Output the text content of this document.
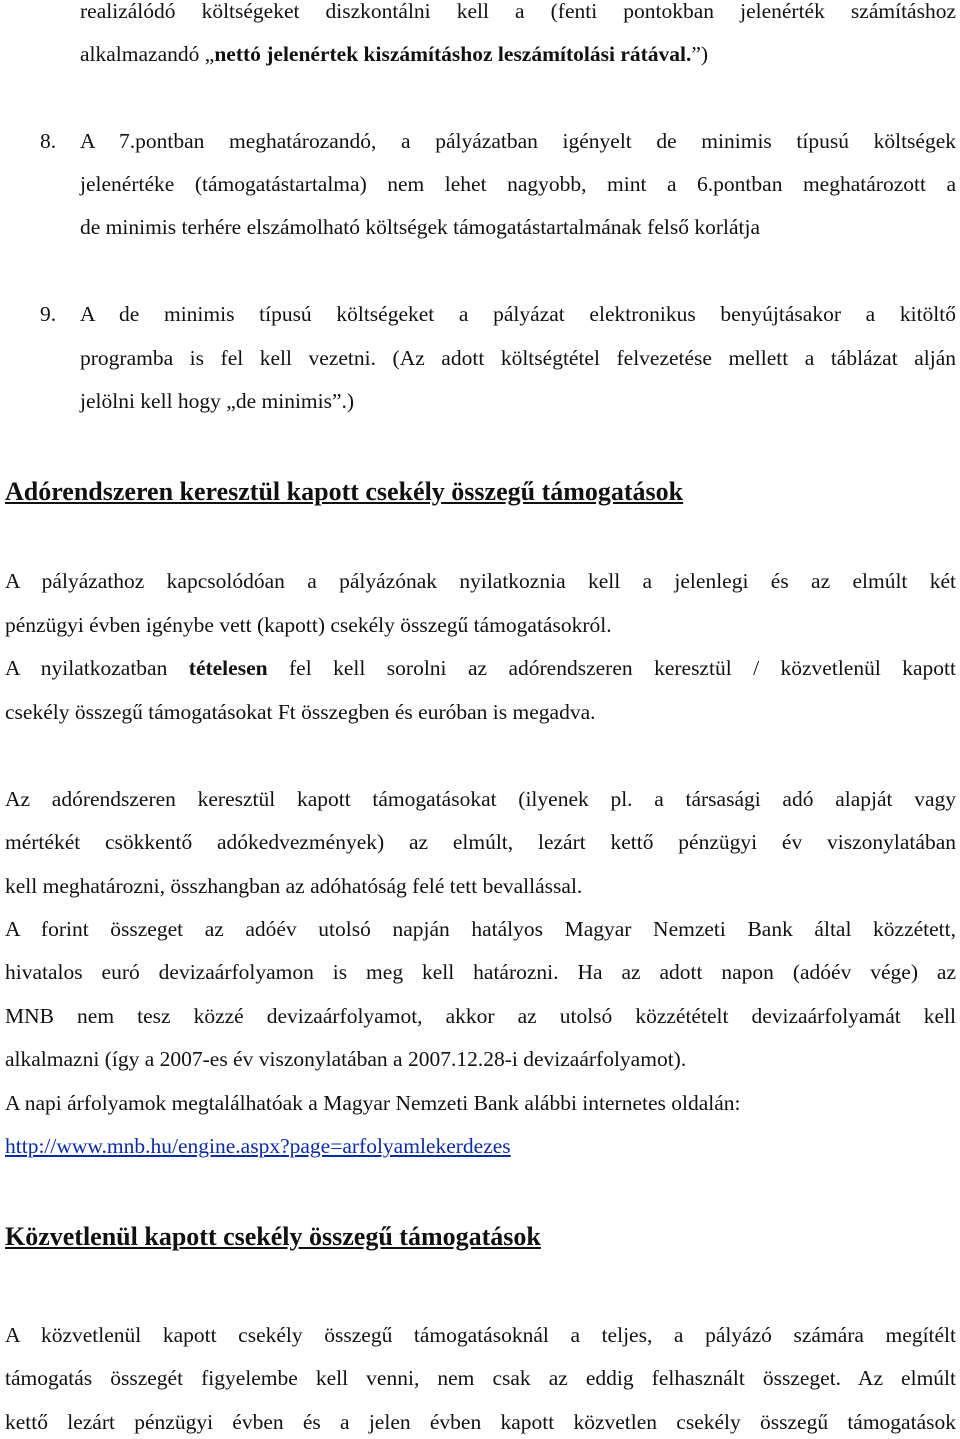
realizálódó költségeket diszkontálni kell a (fenti pontokban jelenérték számításhoz
alkalmazandó „nettó jelenértek kiszámításhoz leszámítolási rátával.”)
8. A 7.pontban meghatározandó, a pályázatban igényelt de minimis típusú költségek
jelenértéke (támogatástartalma) nem lehet nagyobb, mint a 6.pontban meghatározott a
de minimis terhére elszámolható költségek támogatástartalmának felső korlátja
9. A de minimis típusú költségeket a pályázat elektronikus benyújtásakor a kitöltő
programba is fel kell vezetni. (Az adott költségtétel felvezetése mellett a táblázat alján
jelölni kell hogy „de minimis”.)
Adórendszeren keresztül kapott csekély összegű támogatások
A pályázathoz kapcsolódóan a pályázónak nyilatkoznia kell a jelenlegi és az elmúlt két
pénzügyi évben igénybe vett (kapott) csekély összegű támogatásokról.
A nyilatkozatban tételesen fel kell sorolni az adórendszeren keresztül / közvetlenül kapott
csekély összegű támogatásokat Ft összegben és euróban is megadva.
Az adórendszeren keresztül kapott támogatásokat (ilyenek pl. a társasági adó alapját vagy
mértékét csökkentő adókedvezmények) az elmúlt, lezárt kettő pénzügyi év viszonylatában
kell meghatározni, összhangban az adóhatóság felé tett bevallással.
A forint összeget az adóév utolsó napján hatályos Magyar Nemzeti Bank által közzétett,
hivatalos euró devizaárfolyamon is meg kell határozni. Ha az adott napon (adóév vége) az
MNB nem tesz közzé devizaárfolyamot, akkor az utolsó közzétételt devizaárfolyamát kell
alkalmazni (így a 2007-es év viszonylatában a 2007.12.28-i devizaárfolyamot).
A napi árfolyamok megtalálhatóak a Magyar Nemzeti Bank alábbi internetes oldalán:
http://www.mnb.hu/engine.aspx?page=arfolyamlekerdezes
Közvetlenül kapott csekély összegű támogatások
A közvetlenül kapott csekély összegű támogatásoknál a teljes, a pályázó számára megítélt
támogatás összegét figyelembe kell venni, nem csak az eddig felhasznált összeget. Az elmúlt
kettő lezárt pénzügyi évben és a jelen évben kapott közvetlen csekély összegű támogatások
